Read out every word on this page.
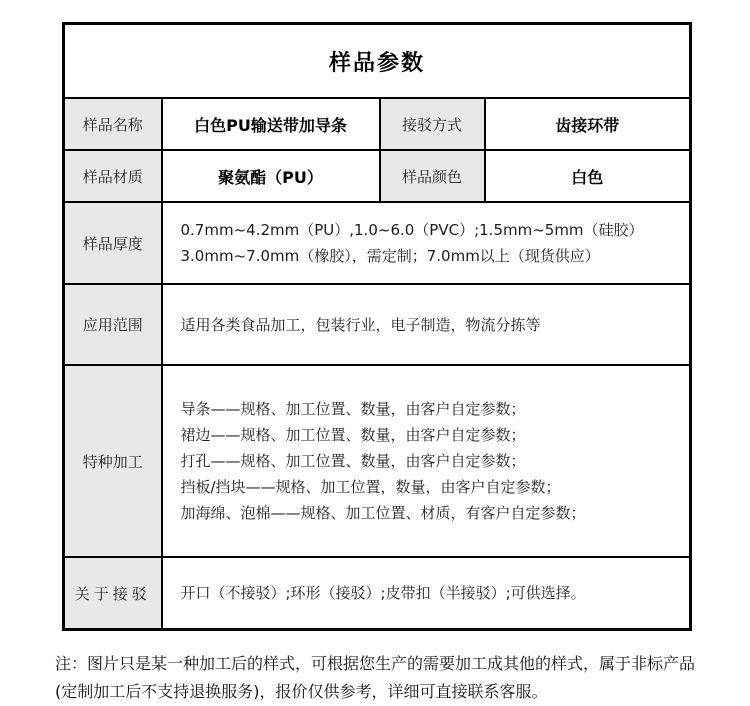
样品参数			
样品名称	白色PU输送带加导条	接驳方式	齿接环带
样品材质	聚氨酯（PU）	样品颜色	白色
样品厚度	0.7mm~4.2mm（PU）,1.0~6.0（PVC）;1.5mm~5mm（硅胶）
3.0mm~7.0mm（橡胶），需定制；7.0mm以上（现货供应）		

应用范围	适用各类食品加工，包装行业，电子制造，物流分拣等		

特种加工	导条——规格、加工位置、数量，由客户自定参数；
裙边——规格、加工位置、数量，由客户自定参数；
打孔——规格、加工位置、数量，由客户自定参数；
挡板/挡块——规格、加工位置，数量，由客户自定参数；
加海绵、泡棉——规格、加工位置、材质，有客户自定参数；		

关于接驳	开口（不接驳）;环形（接驳）;皮带扣（半接驳）;可供选择。		
注：图片只是某一种加工后的样式，可根据您生产的需要加工成其他的样式，属于非标产品(定制加工后不支持退换服务)，报价仅供参考，详细可直接联系客服。
